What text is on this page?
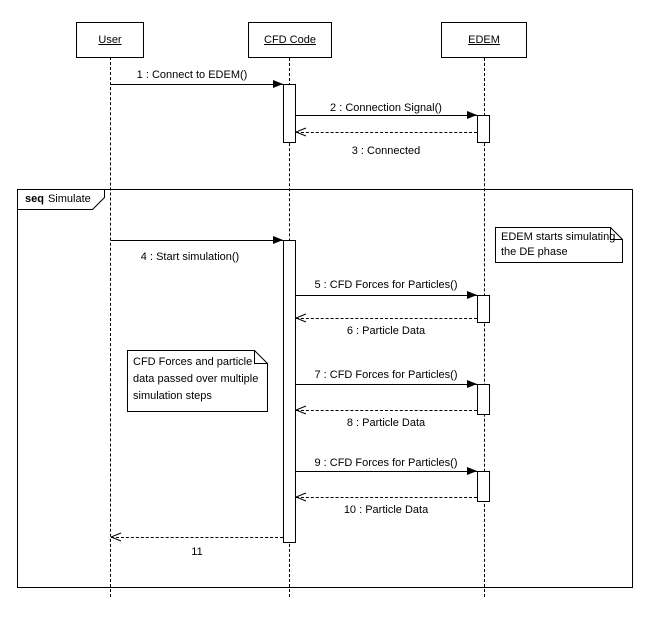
User	CFD Code	EDEM
seq Simulate
1 : Connect to EDEM()
2 : Connection Signal()
3 : Connected
4 : Start simulation()
5 : CFD Forces for Particles()
6 : Particle Data
7 : CFD Forces for Particles()
8 : Particle Data
9 : CFD Forces for Particles()
10 : Particle Data
11
EDEM starts simulating
the DE phase
CFD Forces and particle
data passed over multiple
simulation steps
